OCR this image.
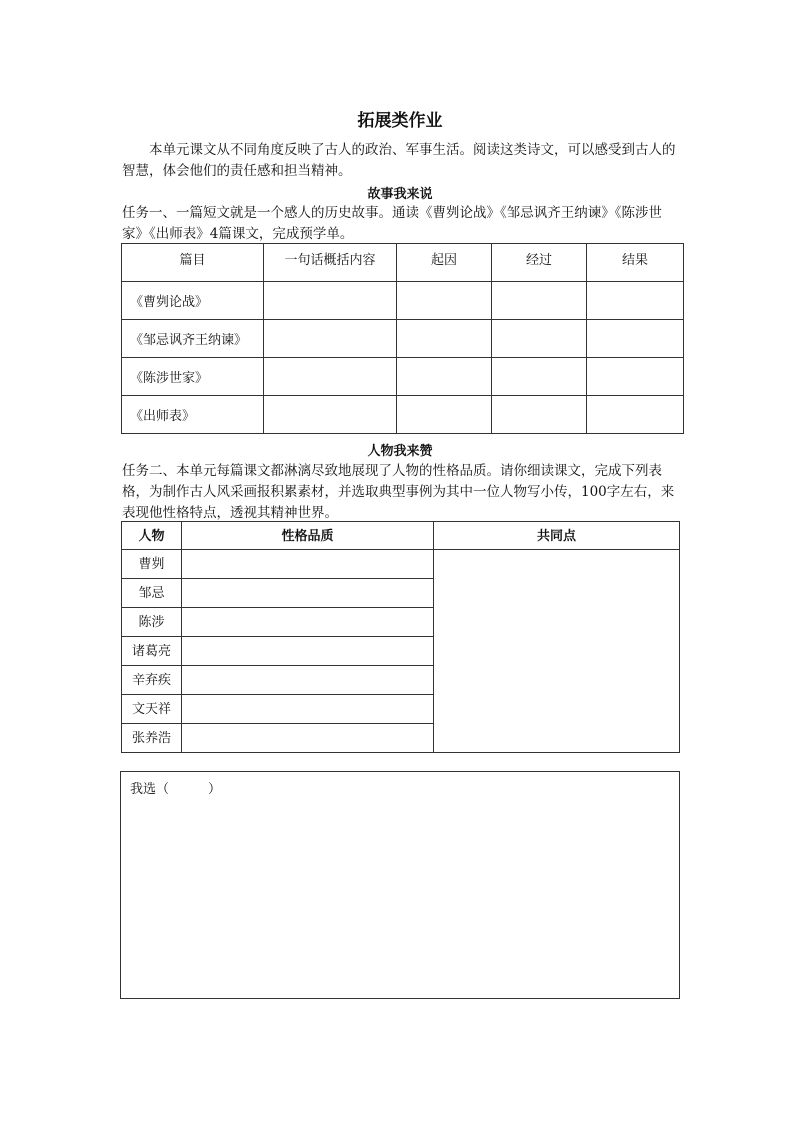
拓展类作业

本单元课文从不同角度反映了古人的政治、军事生活。阅读这类诗文，可以感受到古人的智慧，体会他们的责任感和担当精神。

故事我来说

任务一、一篇短文就是一个感人的历史故事。通读《曹刿论战》《邹忌讽齐王纳谏》《陈涉世家》《出师表》4篇课文，完成预学单。

篇目	一句话概括内容	起因	经过	结果
《曹刿论战》				
《邹忌讽齐王纳谏》				
《陈涉世家》				
《出师表》				
人物我来赞

任务二、本单元每篇课文都淋漓尽致地展现了人物的性格品质。请你细读课文，完成下列表格，为制作古人风采画报积累素材，并选取典型事例为其中一位人物写小传，100字左右，来表现他性格特点，透视其精神世界。

人物	性格品质	共同点
曹刿		
邹忌		
陈涉		
诸葛亮		
辛弃疾		
文天祥		
张养浩		
我选（　　　）
